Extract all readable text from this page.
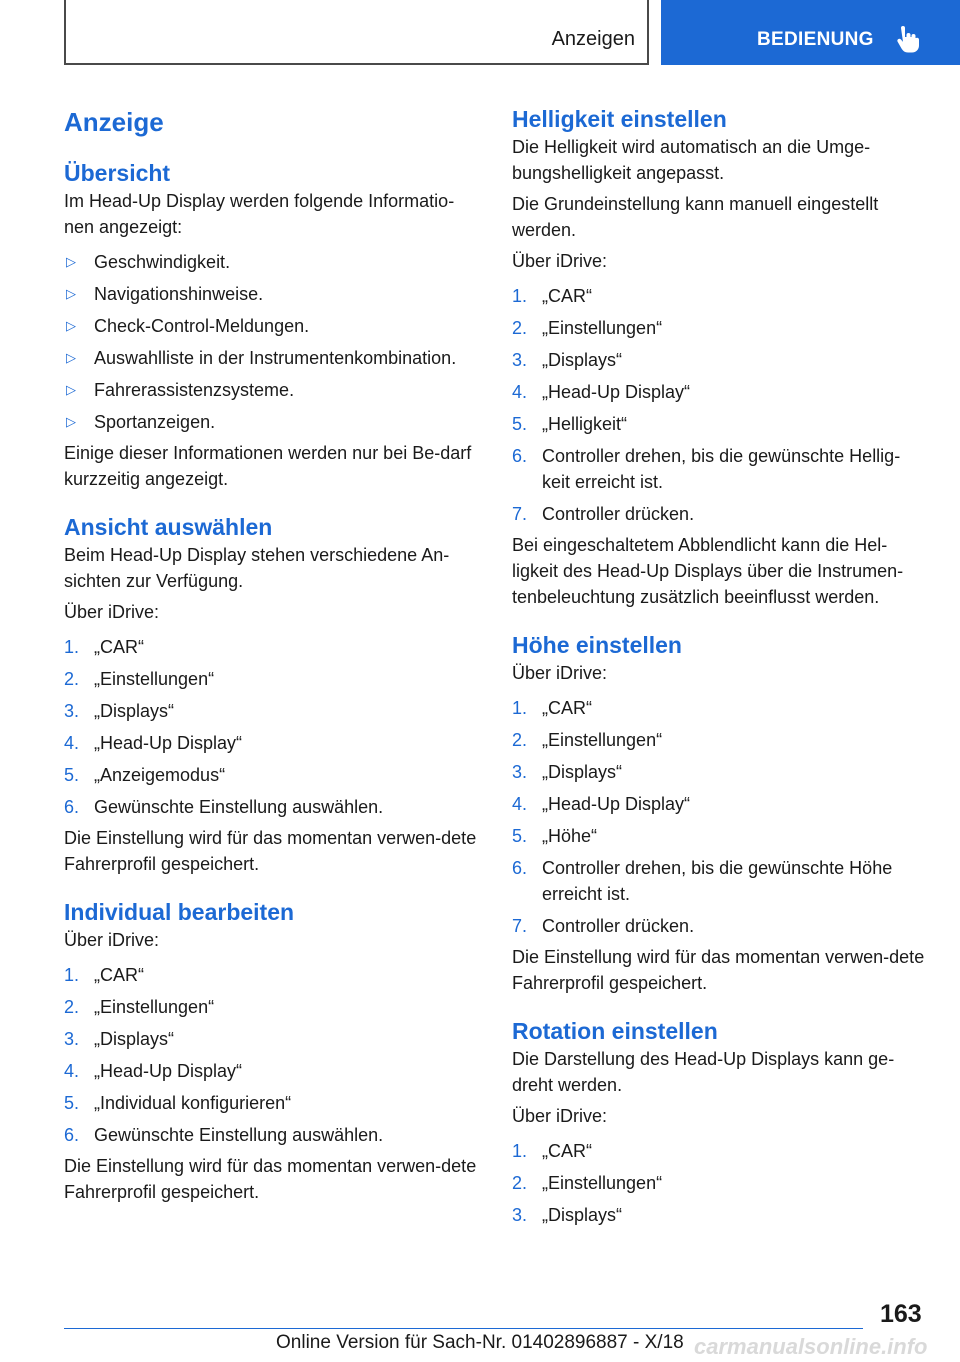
Anzeigen	BEDIENUNG
Anzeige
Übersicht

Im Head-Up Display werden folgende Informatio-nen angezeigt:

▷ Geschwindigkeit.
▷ Navigationshinweise.
▷ Check-Control-Meldungen.
▷ Auswahlliste in der Instrumentenkombination.
▷ Fahrerassistenzsysteme.
▷ Sportanzeigen.

Einige dieser Informationen werden nur bei Be-darf kurzzeitig angezeigt.

Ansicht auswählen

Beim Head-Up Display stehen verschiedene An-sichten zur Verfügung.

Über iDrive:

1. „CAR“
2. „Einstellungen“
3. „Displays“
4. „Head-Up Display“
5. „Anzeigemodus“
6. Gewünschte Einstellung auswählen.

Die Einstellung wird für das momentan verwen-dete Fahrerprofil gespeichert.

Individual bearbeiten

Über iDrive:

1. „CAR“
2. „Einstellungen“
3. „Displays“
4. „Head-Up Display“
5. „Individual konfigurieren“
6. Gewünschte Einstellung auswählen.

Die Einstellung wird für das momentan verwen-dete Fahrerprofil gespeichert.

Helligkeit einstellen

Die Helligkeit wird automatisch an die Umge-bungshelligkeit angepasst.

Die Grundeinstellung kann manuell eingestellt werden.

Über iDrive:

1. „CAR“
2. „Einstellungen“
3. „Displays“
4. „Head-Up Display“
5. „Helligkeit“
6. Controller drehen, bis die gewünschte Hellig-keit erreicht ist.
7. Controller drücken.

Bei eingeschaltetem Abblendlicht kann die Hel-ligkeit des Head-Up Displays über die Instrumen-tenbeleuchtung zusätzlich beeinflusst werden.

Höhe einstellen

Über iDrive:

1. „CAR“
2. „Einstellungen“
3. „Displays“
4. „Head-Up Display“
5. „Höhe“
6. Controller drehen, bis die gewünschte Höhe erreicht ist.
7. Controller drücken.

Die Einstellung wird für das momentan verwen-dete Fahrerprofil gespeichert.

Rotation einstellen

Die Darstellung des Head-Up Displays kann ge-dreht werden.

Über iDrive:

1. „CAR“
2. „Einstellungen“
3. „Displays“
163
Online Version für Sach-Nr. 01402896887 - X/18 carmanualsonline.info
